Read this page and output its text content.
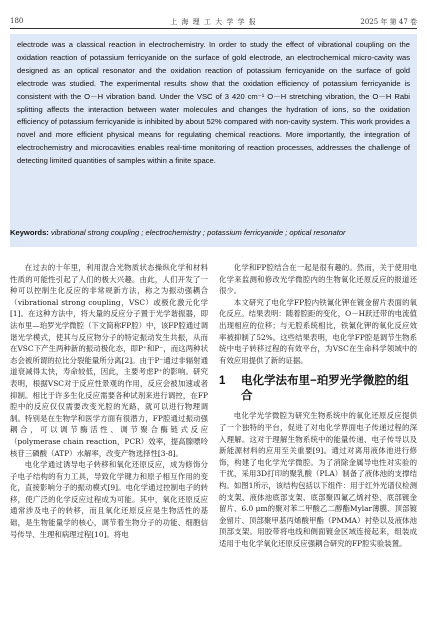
180	上 海 理 工 大 学 学 报	2025 年 第 47 卷

electrode was a classical reaction in electrochemistry. In order to study the effect of vibrational coupling on the oxidation reaction of potassium ferricyanide on the surface of gold electrode, an electrochemical micro-cavity was designed as an optical resonator and the oxidation reaction of potassium ferricyanide on the surface of gold electrode was studied. The experimental results show that the oxidation efficiency of potassium ferricyanide is consistent with the O－H vibration band. Under the VSC of 3 420 cm⁻¹ O－H stretching vibration, the O－H Rabi splitting affects the interaction between water molecules and changes the hydration of ions, so the oxidation efficiency of potassium ferricyanide is inhibited by about 52% compared with non-cavity system. This work provides a novel and more efficient physical means for regulating chemical reactions. More importantly, the integration of electrochemistry and microcavities enables real-time monitoring of reaction processes, addresses the challenge of detecting limited quantities of samples within a finite space.

Keywords: vibrational strong coupling ; electrochemistry ; potassium ferricyanide ; optical resonator

在过去的十年里，利用混合光物质状态操纵化学和材料性质的可能性引起了人们的极大兴趣。由此，人们开发了一种可以控制生化反应的非常规新方法，称之为振动强耦合（vibrational strong coupling，VSC）或极化激元化学[1]。在这种方法中，将大量的反应分子置于光学谐振器，即法布里—珀罗光学微腔（下文简称FP腔）中，该FP腔通过调谐光学模式，使其与反应物分子的特定振动发生共振，从而在VSC下产生两种新的振动极化态，即P⁺和P⁻，而这两种状态会被所谓的拉比分裂能量所分离[2]。由于P⁻通过非辐射通道衰减得太快，寿命较低，因此，主要考虑P⁺的影响。研究表明，根据VSC对于反应性景观的作用，反应会被加速或者抑制。相比于许多生化反应需要各种试剂来进行调控，在FP腔中的反应仅仅需要改变光腔的光路，就可以进行物理调制。特别是在生物学和医学方面有很潜力，FP腔通过振动强耦合，可以调节酶活性、调节聚合酶链式反应（polymerase chain reaction，PCR）效率，提高腺嘌呤核苷三磷酸（ATP）水解率，改变产物选择性[3-8]。

电化学通过诱导电子转移和氧化还原反应，成为修饰分子电子结构的有力工具，导致化学键力和原子相互作用的变化，直接影响分子的振动模式[9]。电化学通过控制电子的转移，使广泛的化学反应过程成为可能。其中，氧化还原反应通常涉及电子的转移，而且氧化还原反应是生物活性的基础，是生物能量学的核心，调节着生物分子的功能、细胞信号传导、生理和病理过程[10]。将电

化学和FP腔结合在一起是很有趣的。然而，关于使用电化学来监测和修改光学微腔内的生物氧化还原反应的报道还很少。

本文研究了电化学FP腔内铁氰化钾在镀金留片表面的氧化反应。结果表明：随着腔距的变化，O－H跃迁带的电流值出现相应的位移；与无腔系统相比，铁氰化钾的氧化反应效率被抑制了52%。这些结果表明，电化学FP腔是调节生物系统中电子转移过程的有效平台，为VSC在生命科学领域中的有效应用提供了新的证据。

1	电化学法布里−珀罗光学微腔的组合

电化学光学微腔为研究生物系统中的氧化还原反应提供了一个独特的平台，促进了对电化学界面电子传递过程的深入理解。这对于理解生物系统中的能量传递、电子传导以及新能源材料的应用至关重要[9]。通过对离用液体池进行修饰，构建了电化学光学微腔。为了消除金属导电性对实验的干扰，采用3D打印的聚乳酸（PLA）制备了液体池的支撑结构。如图1所示，该结构包括以下组件：用于红外光谱仪检测的支架、液体池底部支架、底部聚四氟乙烯衬垫、底部镀金留片、6.0 μm的聚对苯二甲酸乙二醇酯Mylar薄膜、顶部镀金留片、顶部聚甲基丙烯酸甲酯（PMMA）衬垫以及液体池顶部支架。用胶带将电线和侧面镀金区域连接起来，组装成适用于电化学氧化还原反应强耦合研究的FP腔实验装置。
